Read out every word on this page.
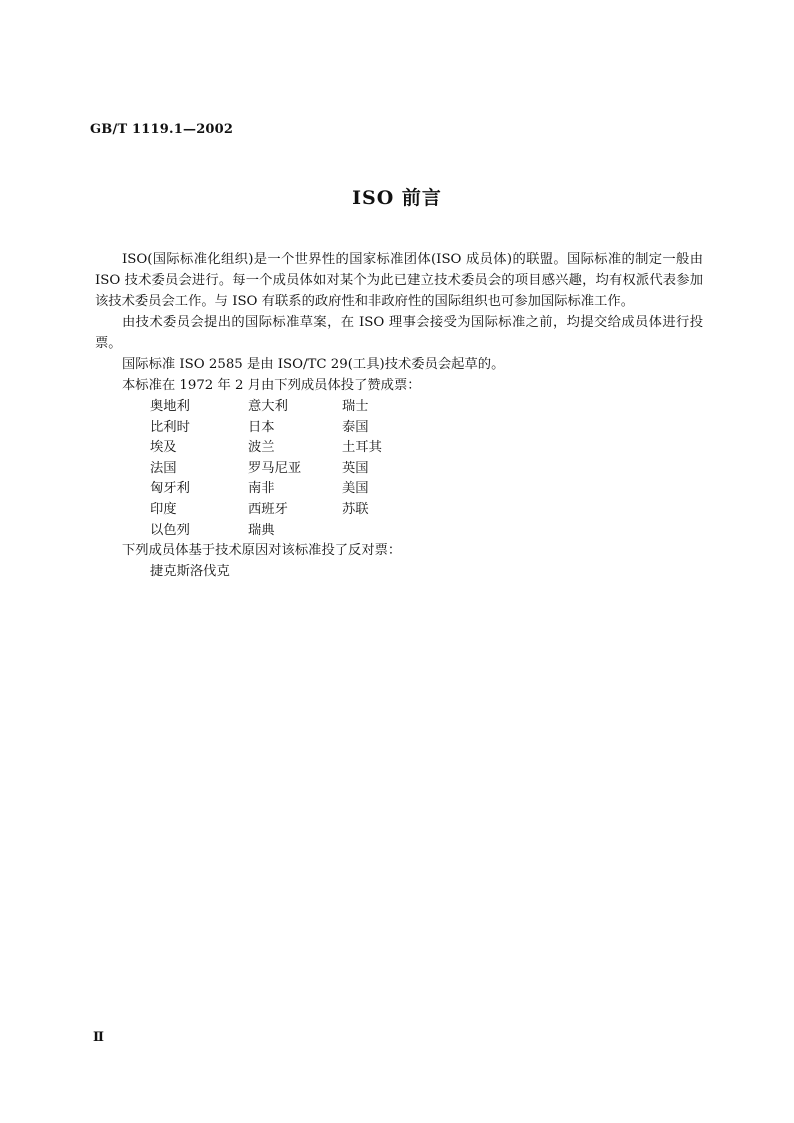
GB/T 1119.1—2002
ISO 前言

ISO(国际标准化组织)是一个世界性的国家标准团体(ISO 成员体)的联盟。国际标准的制定一般由 ISO 技术委员会进行。每一个成员体如对某个为此已建立技术委员会的项目感兴趣，均有权派代表参加该技术委员会工作。与 ISO 有联系的政府性和非政府性的国际组织也可参加国际标准工作。

由技术委员会提出的国际标准草案，在 ISO 理事会接受为国际标准之前，均提交给成员体进行投票。

国际标准 ISO 2585 是由 ISO/TC 29(工具)技术委员会起草的。

本标准在 1972 年 2 月由下列成员体投了赞成票：

奥地利	意大利	瑞士
比利时	日本	泰国
埃及	波兰	土耳其
法国	罗马尼亚	英国
匈牙利	南非	美国
印度	西班牙	苏联
以色列	瑞典

下列成员体基于技术原因对该标准投了反对票：

捷克斯洛伐克
Ⅱ
